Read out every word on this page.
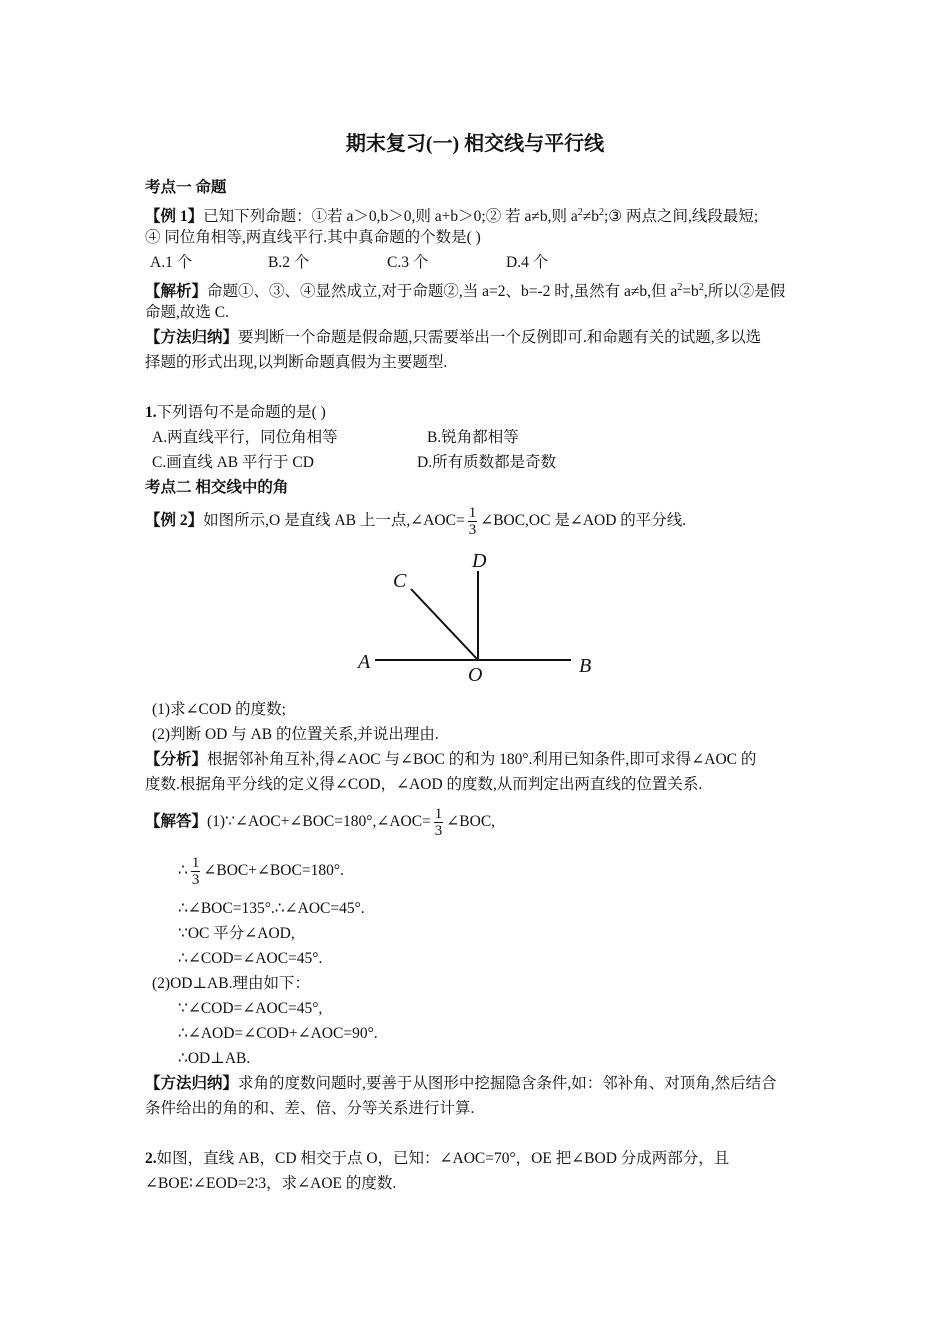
期末复习(一) 相交线与平行线
考点一 命题
【例 1】已知下列命题：①若 a＞0,b＞0,则 a+b＞0;② 若 a≠b,则 $a^2\ne b^2;③$ 两点之间,线段最短;
④ 同位角相等,两直线平行.其中真命题的个数是( )
A.1 个	B.2 个	C.3 个	D.4 个
【解析】命题①、③、④显然成立,对于命题②,当 a=2、b=-2 时,虽然有 a≠b,但 $a^2=b^2$,所以②是假
命题,故选 C.
【方法归纳】要判断一个命题是假命题,只需要举出一个反例即可.和命题有关的试题,多以选
择题的形式出现,以判断命题真假为主要题型.
1.下列语句不是命题的是( )
A.两直线平行，同位角相等	B.锐角都相等
C.画直线 AB 平行于 CD	D.所有质数都是奇数
考点二 相交线中的角
【例 2】如图所示,O 是直线 AB 上一点,∠AOC= $\frac{1}{3}$ ∠BOC,OC 是∠AOD 的平分线.
A	B
C
D
O
(1)求∠COD 的度数;
(2)判断 OD 与 AB 的位置关系,并说出理由.
【分析】根据邻补角互补,得∠AOC 与∠BOC 的和为 180°.利用已知条件,即可求得∠AOC 的
度数.根据角平分线的定义得∠COD，∠AOD 的度数,从而判定出两直线的位置关系.
【解答】(1)∵∠AOC+∠BOC=180°,∠AOC= $\frac{1}{3}$ ∠BOC,
∴ $\frac{1}{3}$ ∠BOC+∠BOC=180°.
∴∠BOC=135°.∴∠AOC=45°.
∵OC 平分∠AOD,
∴∠COD=∠AOC=45°.
(2)OD⊥AB.理由如下：
∵∠COD=∠AOC=45°,
∴∠AOD=∠COD+∠AOC=90°.
∴OD⊥AB.
【方法归纳】求角的度数问题时,要善于从图形中挖掘隐含条件,如：邻补角、对顶角,然后结合
条件给出的角的和、差、倍、分等关系进行计算.
2.如图，直线 AB，CD 相交于点 O，已知：∠AOC=70°，OE 把∠BOD 分成两部分，且
∠BOE∶∠EOD=2∶3，求∠AOE 的度数.
